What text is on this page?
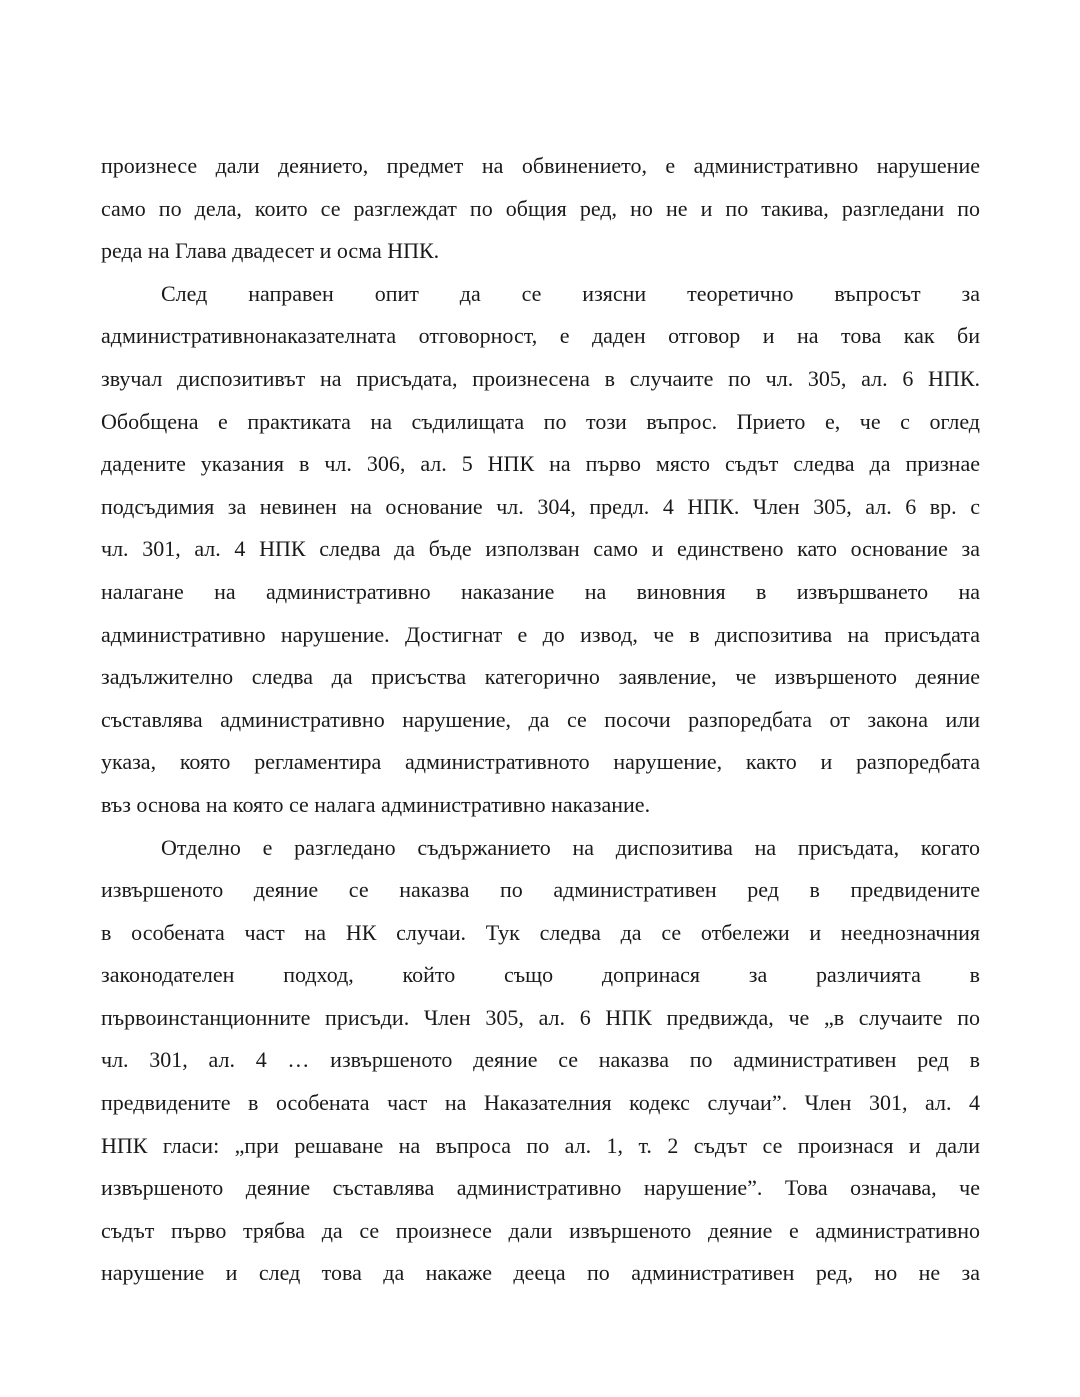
произнесе дали деянието, предмет на обвинението, е административно нарушение
само по дела, които се разглеждат по общия ред, но не и по такива, разгледани по
реда на Глава двадесет и осма НПК.
След направен опит да се изясни теоретично въпросът за
административнонаказателната отговорност, е даден отговор и на това как би
звучал диспозитивът на присъдата, произнесена в случаите по чл. 305, ал. 6 НПК.
Обобщена е практиката на съдилищата по този въпрос. Прието е, че с оглед
дадените указания в чл. 306, ал. 5 НПК на първо място съдът следва да признае
подсъдимия за невинен на основание чл. 304, предл. 4 НПК. Член 305, ал. 6 вр. с
чл. 301, ал. 4 НПК следва да бъде използван само и единствено като основание за
налагане на административно наказание на виновния в извършването на
административно нарушение. Достигнат е до извод, че в диспозитива на присъдата
задължително следва да присъства категорично заявление, че извършеното деяние
съставлява административно нарушение, да се посочи разпоредбата от закона или
указа, която регламентира административното нарушение, както и разпоредбата
въз основа на която се налага административно наказание.
Отделно е разгледано съдържанието на диспозитива на присъдата, когато
извършеното деяние се наказва по административен ред в предвидените
в особената част на НК случаи. Тук следва да се отбележи и нееднозначния
законодателен подход, който също допринася за различията в
първоинстанционните присъди. Член 305, ал. 6 НПК предвижда, че „в случаите по
чл. 301, ал. 4 … извършеното деяние се наказва по административен ред в
предвидените в особената част на Наказателния кодекс случаи”. Член 301, ал. 4
НПК гласи: „при решаване на въпроса по ал. 1, т. 2 съдът се произнася и дали
извършеното деяние съставлява административно нарушение”. Това означава, че
съдът първо трябва да се произнесе дали извършеното деяние е административно
нарушение и след това да накаже дееца по административен ред, но не за
